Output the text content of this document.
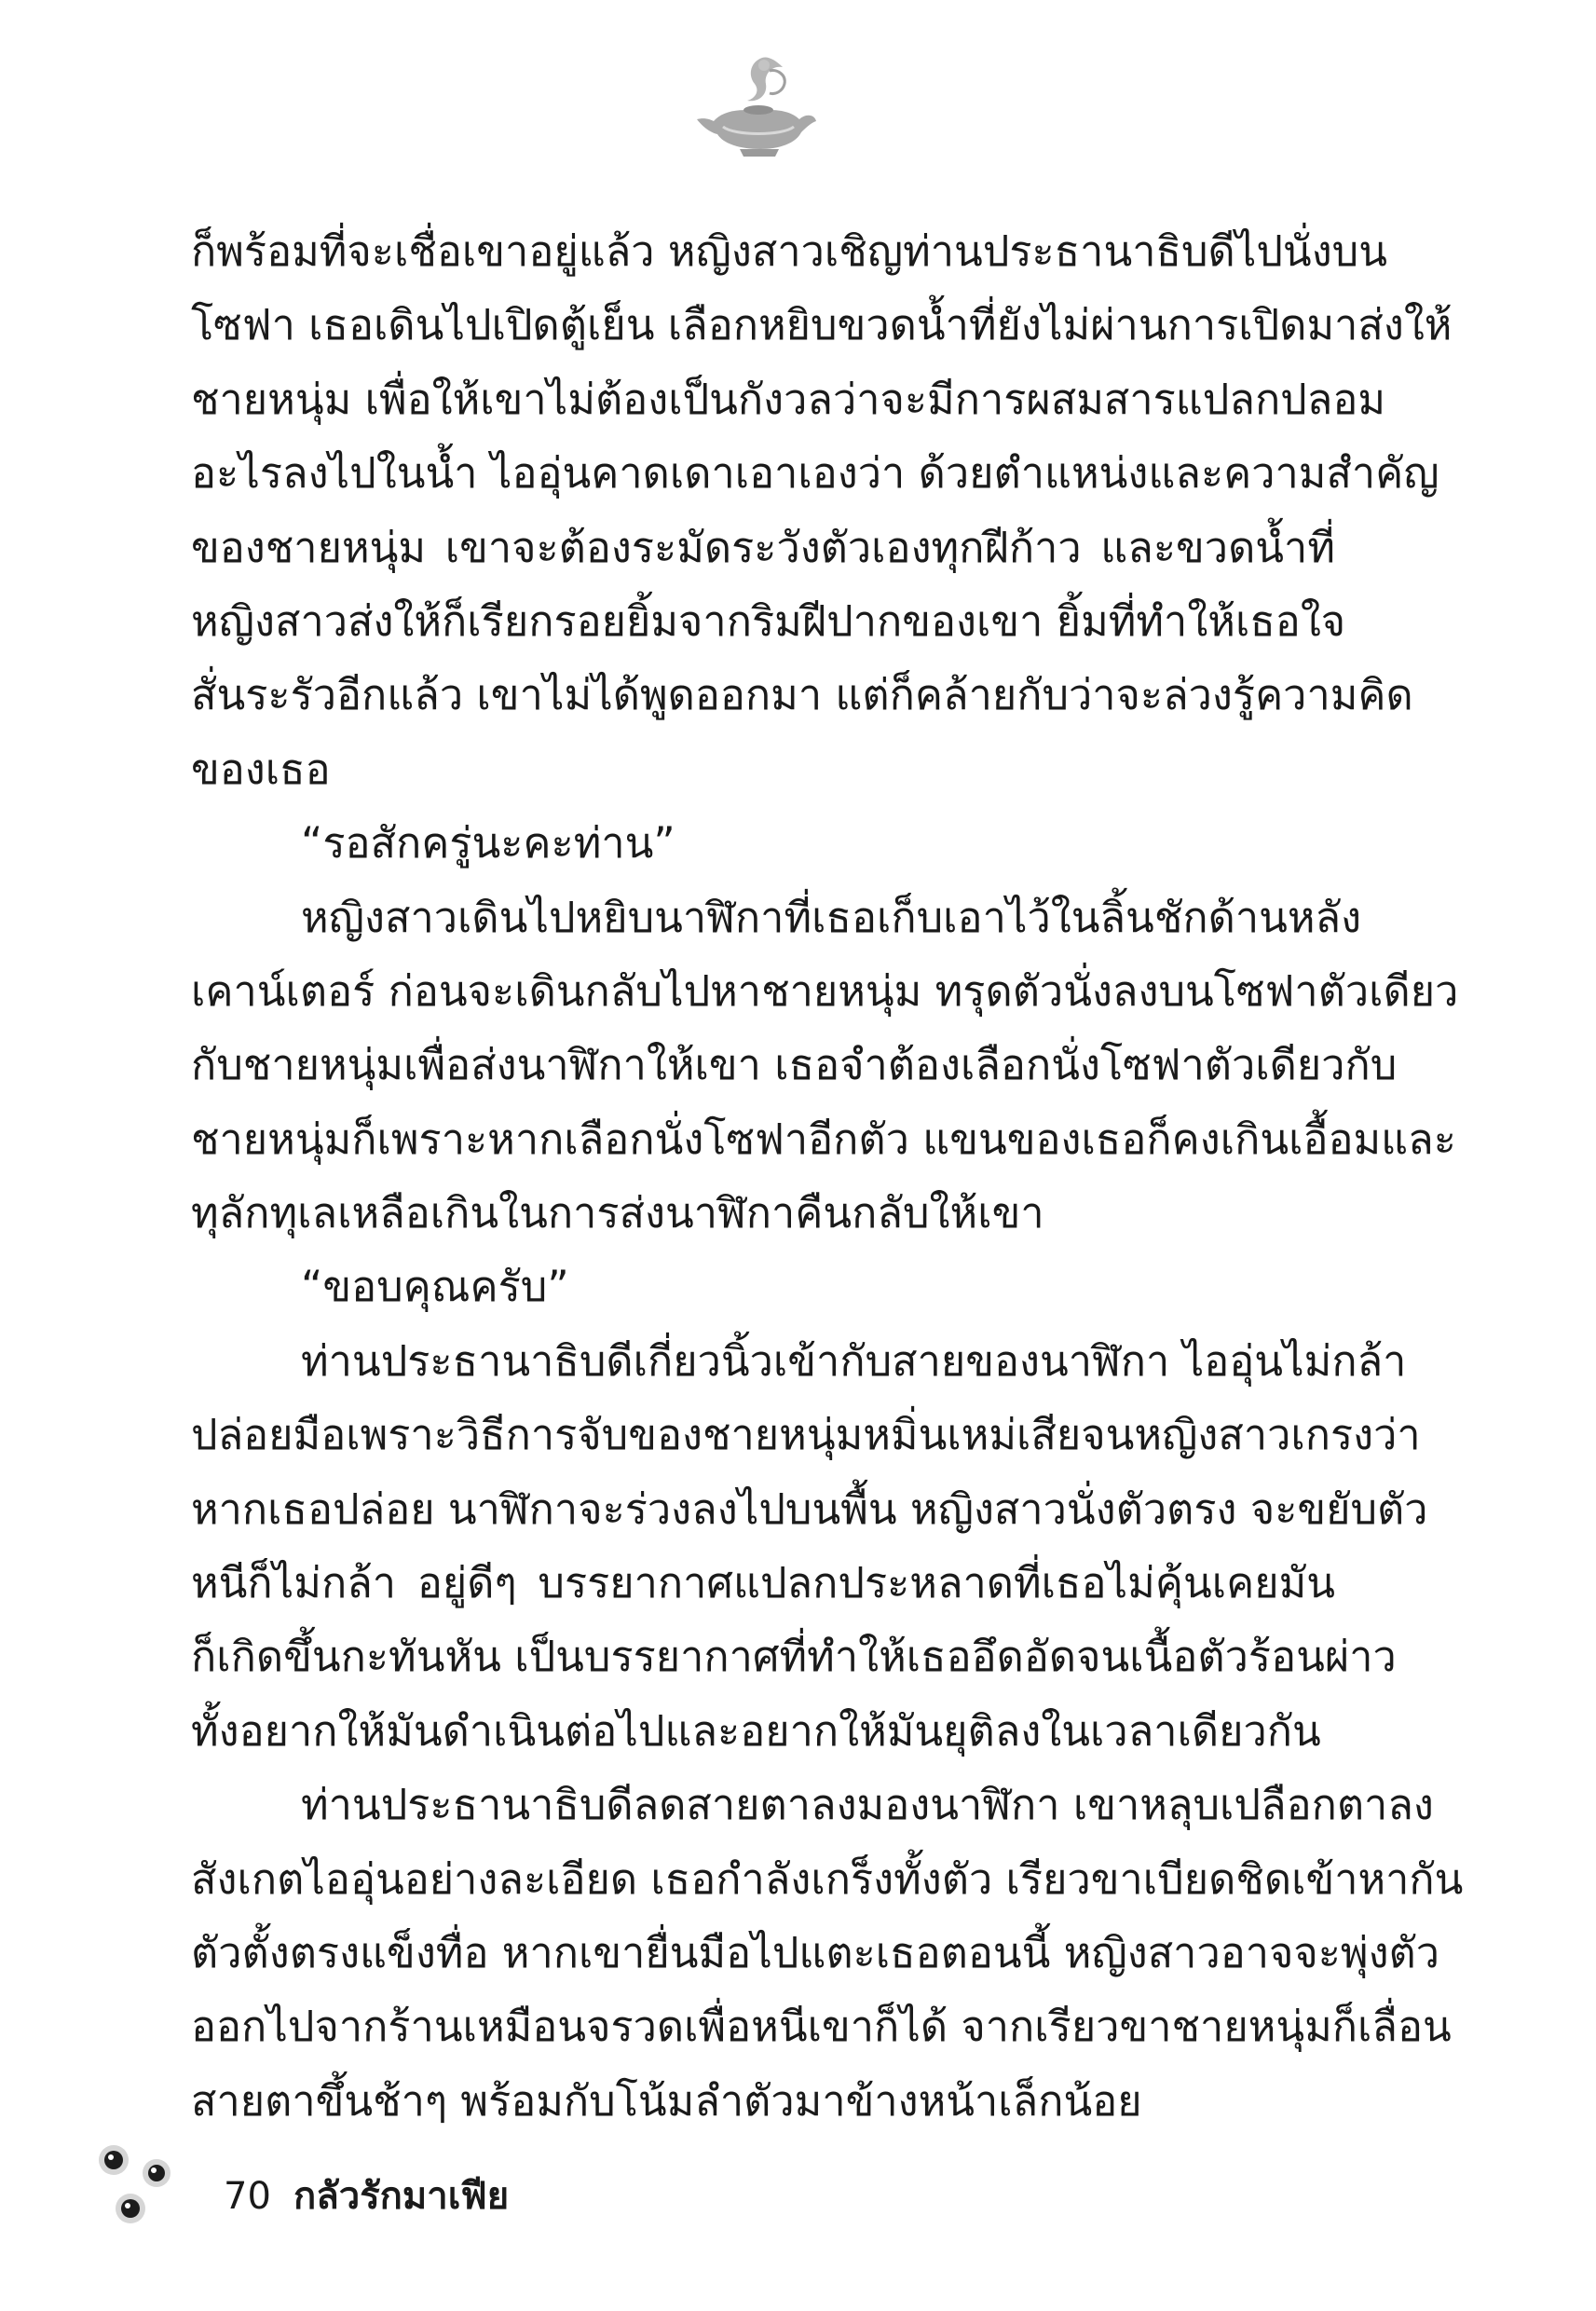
ก็พร้อมที่จะเชื่อเขาอยู่แล้ว หญิงสาวเชิญท่านประธานาธิบดีไปนั่งบน
โซฟา เธอเดินไปเปิดตู้เย็น เลือกหยิบขวดน้ำที่ยังไม่ผ่านการเปิดมาส่งให้
ชายหนุ่ม เพื่อให้เขาไม่ต้องเป็นกังวลว่าจะมีการผสมสารแปลกปลอม
อะไรลงไปในน้ำ ไออุ่นคาดเดาเอาเองว่า ด้วยตำแหน่งและความสำคัญ
ของชายหนุ่ม เขาจะต้องระมัดระวังตัวเองทุกฝีก้าว และขวดน้ำที่
หญิงสาวส่งให้ก็เรียกรอยยิ้มจากริมฝีปากของเขา ยิ้มที่ทำให้เธอใจ
สั่นระรัวอีกแล้ว เขาไม่ได้พูดออกมา แต่ก็คล้ายกับว่าจะล่วงรู้ความคิด
ของเธอ
“รอสักครู่นะคะท่าน”
หญิงสาวเดินไปหยิบนาฬิกาที่เธอเก็บเอาไว้ในลิ้นชักด้านหลัง
เคาน์เตอร์ ก่อนจะเดินกลับไปหาชายหนุ่ม ทรุดตัวนั่งลงบนโซฟาตัวเดียว
กับชายหนุ่มเพื่อส่งนาฬิกาให้เขา เธอจำต้องเลือกนั่งโซฟาตัวเดียวกับ
ชายหนุ่มก็เพราะหากเลือกนั่งโซฟาอีกตัว แขนของเธอก็คงเกินเอื้อมและ
ทุลักทุเลเหลือเกินในการส่งนาฬิกาคืนกลับให้เขา
“ขอบคุณครับ”
ท่านประธานาธิบดีเกี่ยวนิ้วเข้ากับสายของนาฬิกา ไออุ่นไม่กล้า
ปล่อยมือเพราะวิธีการจับของชายหนุ่มหมิ่นเหม่เสียจนหญิงสาวเกรงว่า
หากเธอปล่อย นาฬิกาจะร่วงลงไปบนพื้น หญิงสาวนั่งตัวตรง จะขยับตัว
หนีก็ไม่กล้า อยู่ดีๆ บรรยากาศแปลกประหลาดที่เธอไม่คุ้นเคยมัน
ก็เกิดขึ้นกะทันหัน เป็นบรรยากาศที่ทำให้เธออึดอัดจนเนื้อตัวร้อนผ่าว
ทั้งอยากให้มันดำเนินต่อไปและอยากให้มันยุติลงในเวลาเดียวกัน
ท่านประธานาธิบดีลดสายตาลงมองนาฬิกา เขาหลุบเปลือกตาลง
สังเกตไออุ่นอย่างละเอียด เธอกำลังเกร็งทั้งตัว เรียวขาเบียดชิดเข้าหากัน
ตัวตั้งตรงแข็งทื่อ หากเขายื่นมือไปแตะเธอตอนนี้ หญิงสาวอาจจะพุ่งตัว
ออกไปจากร้านเหมือนจรวดเพื่อหนีเขาก็ได้ จากเรียวขาชายหนุ่มก็เลื่อน
สายตาขึ้นช้าๆ พร้อมกับโน้มลำตัวมาข้างหน้าเล็กน้อย
70 กลัวรักมาเฟีย
